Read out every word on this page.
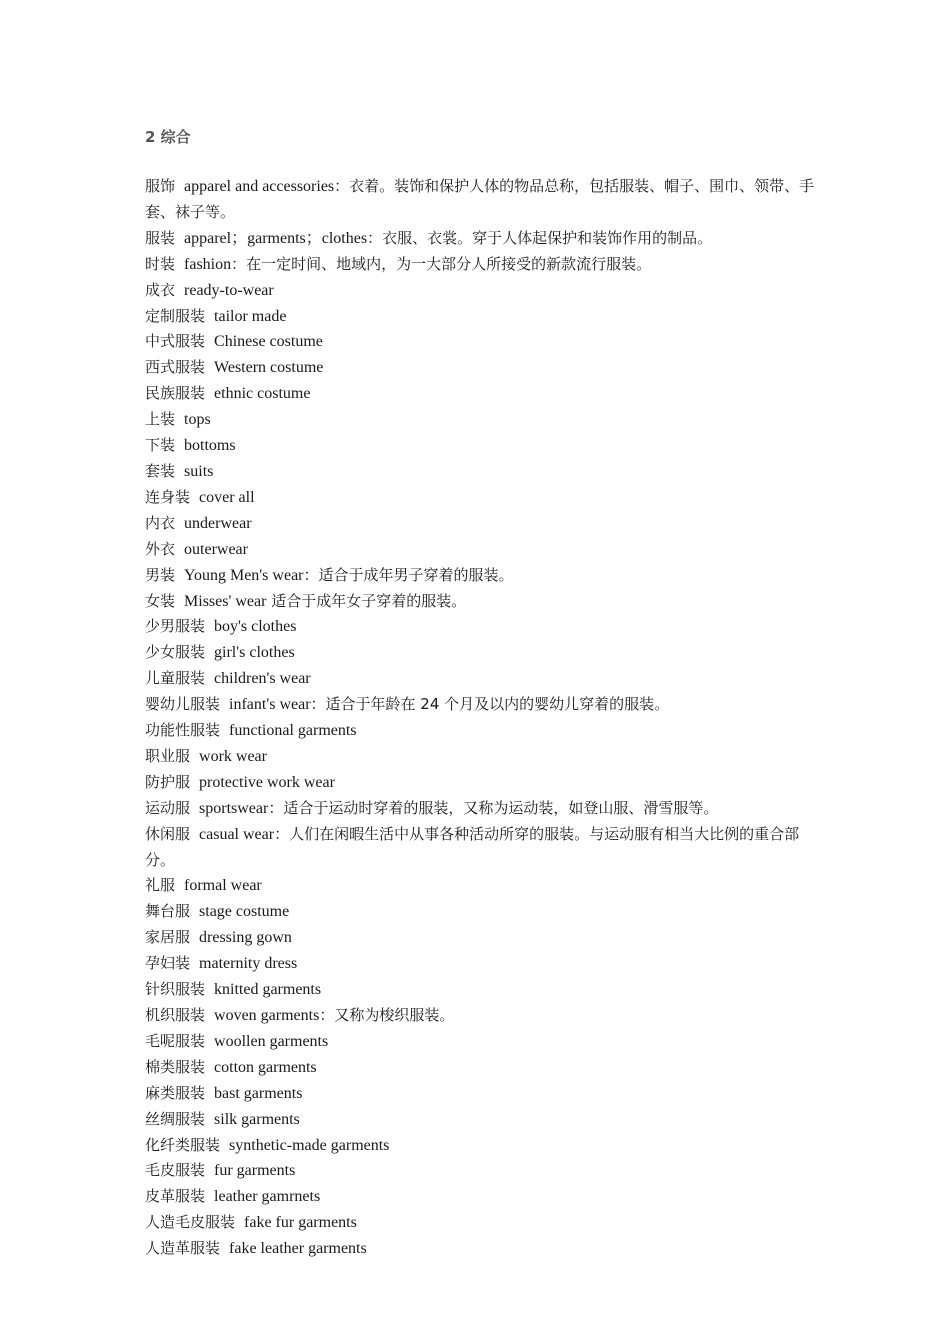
2 综合
服饰 apparel and accessories：衣着。装饰和保护人体的物品总称，包括服装、帽子、围巾、领带、手套、袜子等。
服装 apparel；garments；clothes：衣服、衣裳。穿于人体起保护和装饰作用的制品。
时装 fashion：在一定时间、地域内，为一大部分人所接受的新款流行服装。
成衣 ready-to-wear
定制服装 tailor made
中式服装 Chinese costume
西式服装 Western costume
民族服装 ethnic costume
上装 tops
下装 bottoms
套装 suits
连身装 cover all
内衣 underwear
外衣 outerwear
男装 Young Men's wear：适合于成年男子穿着的服装。
女装 Misses' wear 适合于成年女子穿着的服装。
少男服装 boy's clothes
少女服装 girl's clothes
儿童服装 children's wear
婴幼儿服装 infant's wear：适合于年龄在 24 个月及以内的婴幼儿穿着的服装。
功能性服装 functional garments
职业服 work wear
防护服 protective work wear
运动服 sportswear：适合于运动时穿着的服装，又称为运动装，如登山服、滑雪服等。
休闲服 casual wear：人们在闲暇生活中从事各种活动所穿的服装。与运动服有相当大比例的重合部分。
礼服 formal wear
舞台服 stage costume
家居服 dressing gown
孕妇装 maternity dress
针织服装 knitted garments
机织服装 woven garments：又称为梭织服装。
毛呢服装 woollen garments
棉类服装 cotton garments
麻类服装 bast garments
丝绸服装 silk garments
化纤类服装 synthetic-made garments
毛皮服装 fur garments
皮革服装 leather gamrnets
人造毛皮服装 fake fur garments
人造革服装 fake leather garments
